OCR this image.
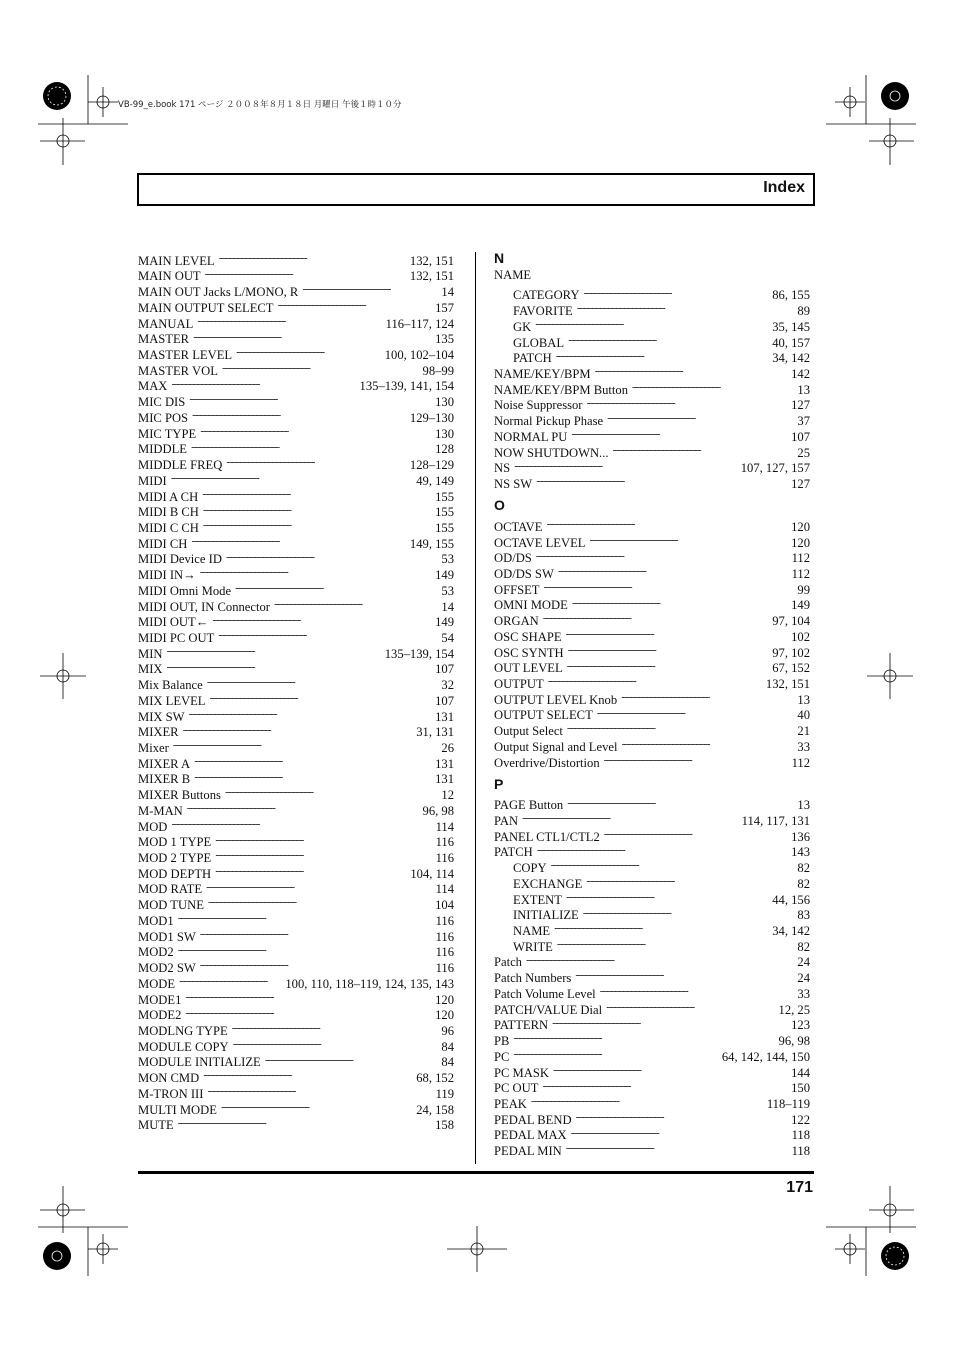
VB-99_e.book 171 ページ ２００８年８月１８日 月曜日 午後１時１０分
Index
MAIN LEVEL . . .	132, 151
MAIN OUT . . .	132, 151
MAIN OUT Jacks L/MONO, R . . .	14
MAIN OUTPUT SELECT . . .	157
MANUAL . . .	116–117, 124
MASTER . . .	135
MASTER LEVEL . . .	100, 102–104
MASTER VOL . . .	98–99
MAX . . .	135–139, 141, 154
MIC DIS . . .	130
MIC POS . . .	129–130
MIC TYPE . . .	130
MIDDLE . . .	128
MIDDLE FREQ . . .	128–129
MIDI . . .	49, 149
MIDI A CH . . .	155
MIDI B CH . . .	155
MIDI C CH . . .	155
MIDI CH . . .	149, 155
MIDI Device ID . . .	53
MIDI IN→ . . .	149
MIDI Omni Mode . . .	53
MIDI OUT, IN Connector . . .	14
MIDI OUT← . . .	149
MIDI PC OUT . . .	54
MIN . . .	135–139, 154
MIX . . .	107
Mix Balance . . .	32
MIX LEVEL . . .	107
MIX SW . . .	131
MIXER . . .	31, 131
Mixer . . .	26
MIXER A . . .	131
MIXER B . . .	131
MIXER Buttons . . .	12
M-MAN . . .	96, 98
MOD . . .	114
MOD 1 TYPE . . .	116
MOD 2 TYPE . . .	116
MOD DEPTH . . .	104, 114
MOD RATE . . .	114
MOD TUNE . . .	104
MOD1 . . .	116
MOD1 SW . . .	116
MOD2 . . .	116
MOD2 SW . . .	116
MODE . . .	100, 110, 118–119, 124, 135, 143
MODE1 . . .	120
MODE2 . . .	120
MODLNG TYPE . . .	96
MODULE COPY . . .	84
MODULE INITIALIZE . . .	84
MON CMD . . .	68, 152
M-TRON III . . .	119
MULTI MODE . . .	24, 158
MUTE . . .	158
N
NAME
CATEGORY . . .	86, 155
FAVORITE . . .	89
GK . . .	35, 145
GLOBAL . . .	40, 157
PATCH . . .	34, 142
NAME/KEY/BPM . . .	142
NAME/KEY/BPM Button . . .	13
Noise Suppressor . . .	127
Normal Pickup Phase . . .	37
NORMAL PU . . .	107
NOW SHUTDOWN... . . .	25
NS . . .	107, 127, 157
NS SW . . .	127
O
OCTAVE . . .	120
OCTAVE LEVEL . . .	120
OD/DS . . .	112
OD/DS SW . . .	112
OFFSET . . .	99
OMNI MODE . . .	149
ORGAN . . .	97, 104
OSC SHAPE . . .	102
OSC SYNTH . . .	97, 102
OUT LEVEL . . .	67, 152
OUTPUT . . .	132, 151
OUTPUT LEVEL Knob . . .	13
OUTPUT SELECT . . .	40
Output Select . . .	21
Output Signal and Level . . .	33
Overdrive/Distortion . . .	112
P
PAGE Button . . .	13
PAN . . .	114, 117, 131
PANEL CTL1/CTL2 . . .	136
PATCH . . .	143
COPY . . .	82
EXCHANGE . . .	82
EXTENT . . .	44, 156
INITIALIZE . . .	83
NAME . . .	34, 142
WRITE . . .	82
Patch . . .	24
Patch Numbers . . .	24
Patch Volume Level . . .	33
PATCH/VALUE Dial . . .	12, 25
PATTERN . . .	123
PB . . .	96, 98
PC . . .	64, 142, 144, 150
PC MASK . . .	144
PC OUT . . .	150
PEAK . . .	118–119
PEDAL BEND . . .	122
PEDAL MAX . . .	118
PEDAL MIN . . .	118
171
